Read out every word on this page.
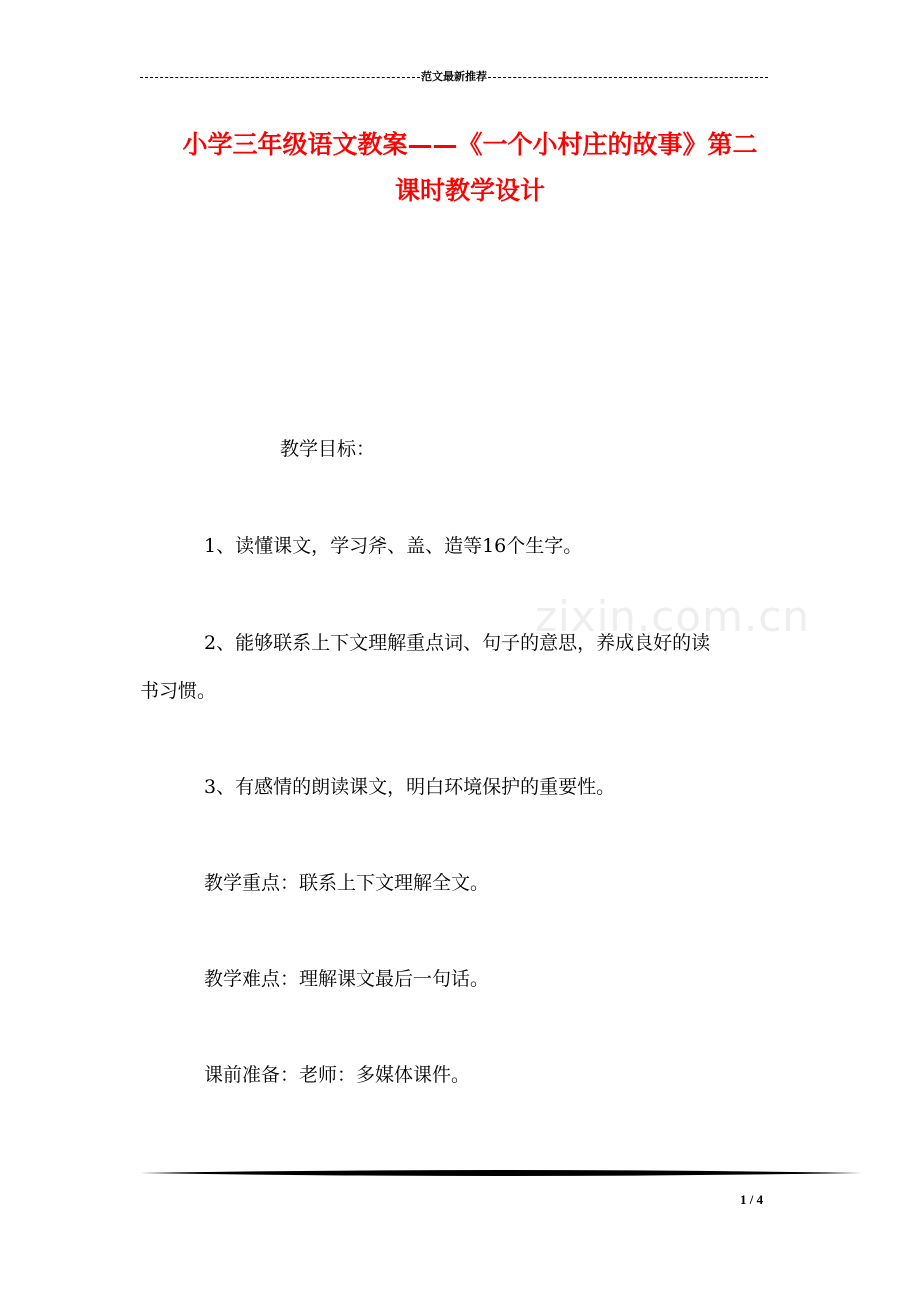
范文最新推荐
小学三年级语文教案——《一个小村庄的故事》第二
课时教学设计
zixin.com.cn
教学目标：
1、读懂课文，学习斧、盖、造等16个生字。
2、能够联系上下文理解重点词、句子的意思，养成良好的读
书习惯。
3、有感情的朗读课文，明白环境保护的重要性。
教学重点：联系上下文理解全文。
教学难点：理解课文最后一句话。
课前准备：老师：多媒体课件。
1 / 4
